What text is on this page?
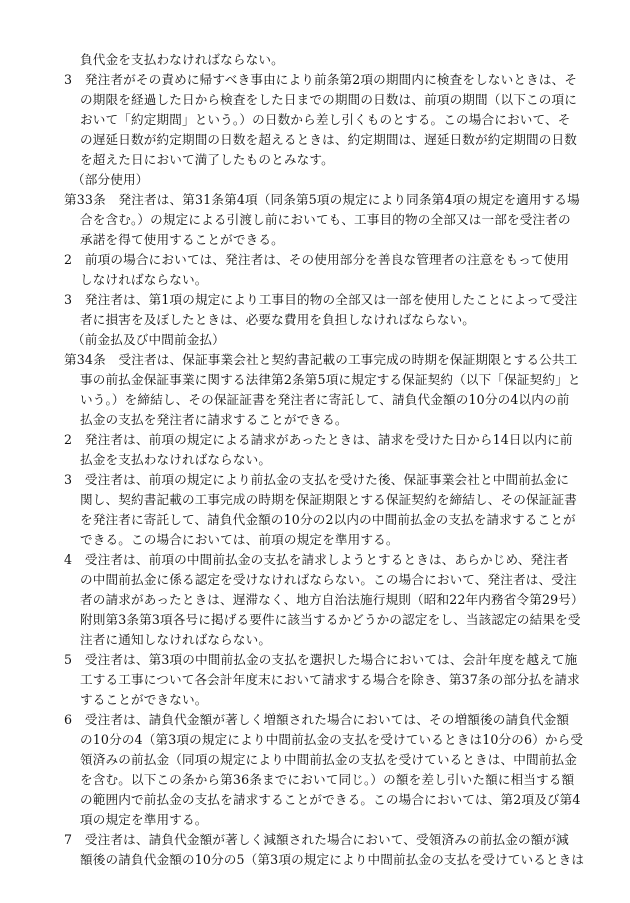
負代金を支払わなければならない。
3　発注者がその責めに帰すべき事由により前条第2項の期間内に検査をしないときは、そ
の期限を経過した日から検査をした日までの期間の日数は、前項の期間（以下この項に
おいて「約定期間」という。）の日数から差し引くものとする。この場合において、そ
の遅延日数が約定期間の日数を超えるときは、約定期間は、遅延日数が約定期間の日数
を超えた日において満了したものとみなす。
（部分使用）
第33条　発注者は、第31条第4項（同条第5項の規定により同条第4項の規定を適用する場
合を含む。）の規定による引渡し前においても、工事目的物の全部又は一部を受注者の
承諾を得て使用することができる。
2　前項の場合においては、発注者は、その使用部分を善良な管理者の注意をもって使用
しなければならない。
3　発注者は、第1項の規定により工事目的物の全部又は一部を使用したことによって受注
者に損害を及ぼしたときは、必要な費用を負担しなければならない。
（前金払及び中間前金払）
第34条　受注者は、保証事業会社と契約書記載の工事完成の時期を保証期限とする公共工
事の前払金保証事業に関する法律第2条第5項に規定する保証契約（以下「保証契約」と
いう。）を締結し、その保証証書を発注者に寄託して、請負代金額の10分の4以内の前
払金の支払を発注者に請求することができる。
2　発注者は、前項の規定による請求があったときは、請求を受けた日から14日以内に前
払金を支払わなければならない。
3　受注者は、前項の規定により前払金の支払を受けた後、保証事業会社と中間前払金に
関し、契約書記載の工事完成の時期を保証期限とする保証契約を締結し、その保証証書
を発注者に寄託して、請負代金額の10分の2以内の中間前払金の支払を請求することが
できる。この場合においては、前項の規定を準用する。
4　受注者は、前項の中間前払金の支払を請求しようとするときは、あらかじめ、発注者
の中間前払金に係る認定を受けなければならない。この場合において、発注者は、受注
者の請求があったときは、遅滞なく、地方自治法施行規則（昭和22年内務省令第29号）
附則第3条第3項各号に掲げる要件に該当するかどうかの認定をし、当該認定の結果を受
注者に通知しなければならない。
5　受注者は、第3項の中間前払金の支払を選択した場合においては、会計年度を越えて施
工する工事について各会計年度末において請求する場合を除き、第37条の部分払を請求
することができない。
6　受注者は、請負代金額が著しく増額された場合においては、その増額後の請負代金額
の10分の4（第3項の規定により中間前払金の支払を受けているときは10分の6）から受
領済みの前払金（同項の規定により中間前払金の支払を受けているときは、中間前払金
を含む。以下この条から第36条までにおいて同じ。）の額を差し引いた額に相当する額
の範囲内で前払金の支払を請求することができる。この場合においては、第2項及び第4
項の規定を準用する。
7　受注者は、請負代金額が著しく減額された場合において、受領済みの前払金の額が減
額後の請負代金額の10分の5（第3項の規定により中間前払金の支払を受けているときは
